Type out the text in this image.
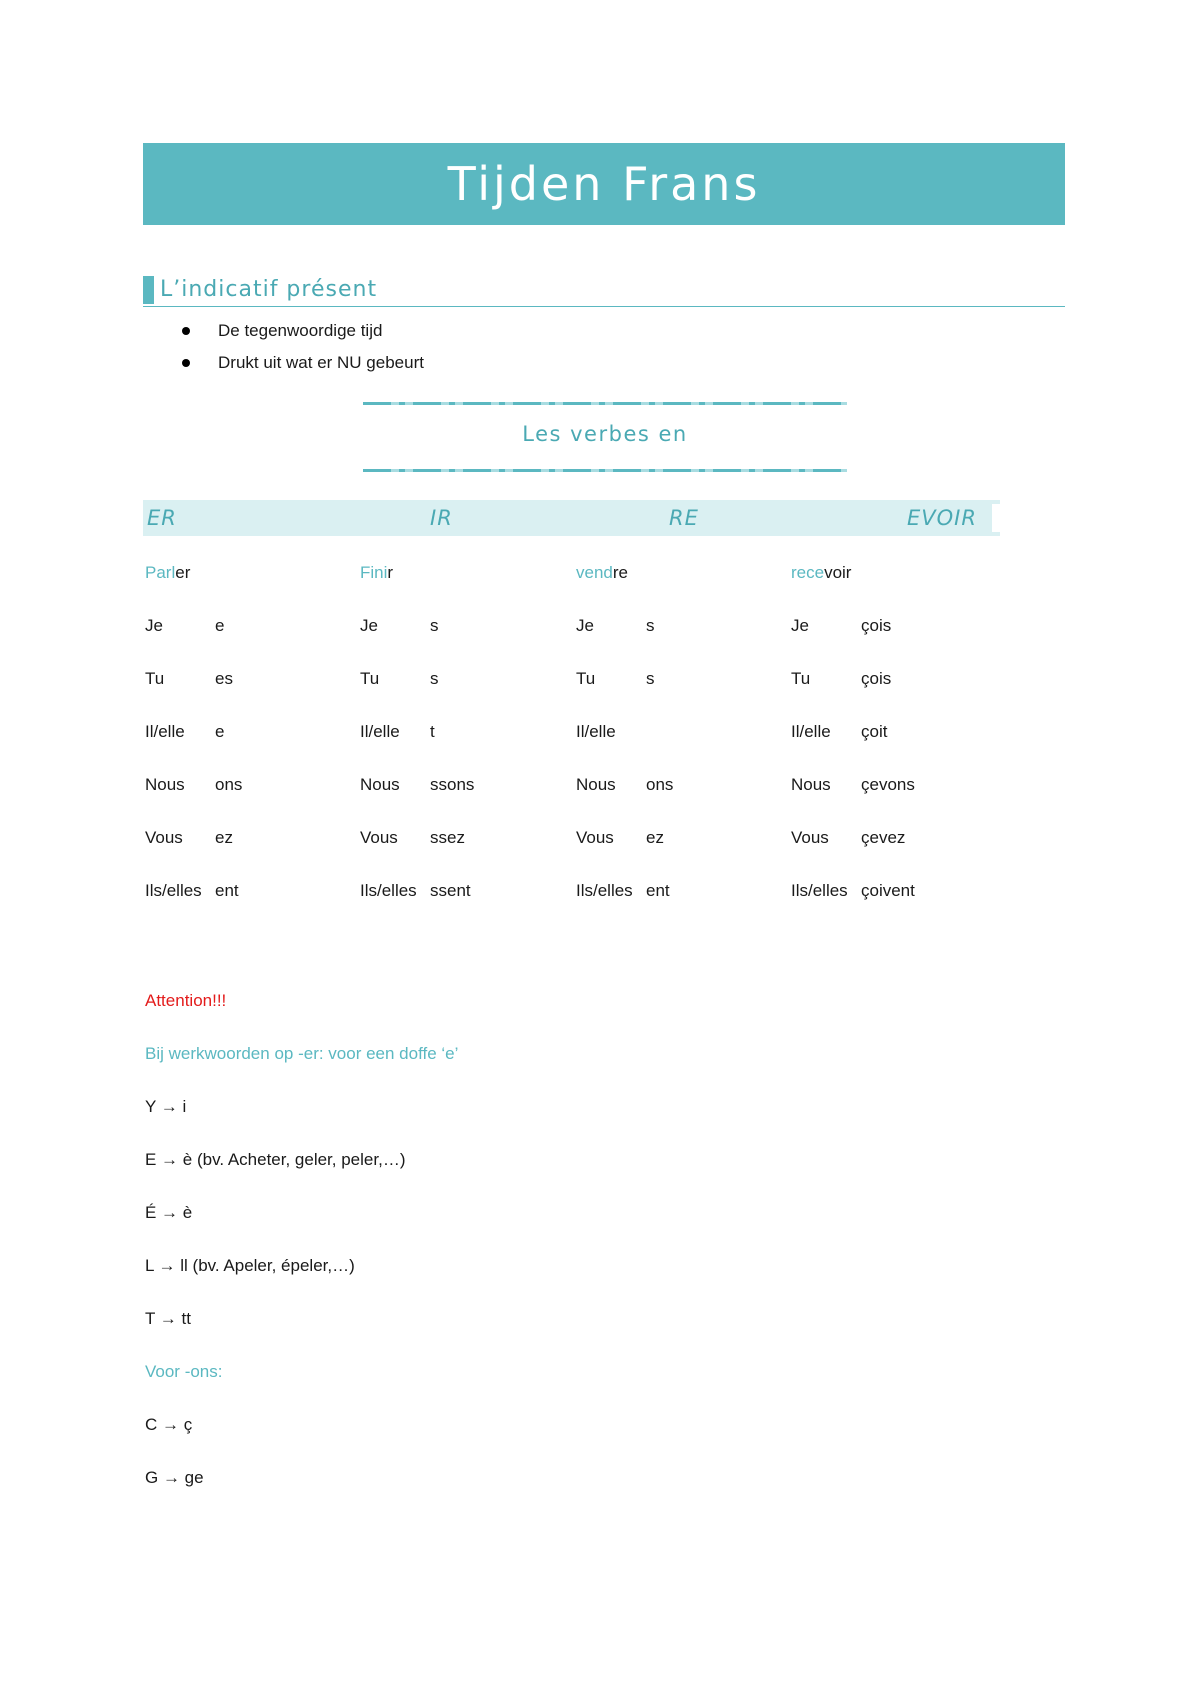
Tijden Frans
L’indicatif présent
De tegenwoordige tijd
Drukt uit wat er NU gebeurt
Les verbes en
ER	IR	RE	EVOIR
Parler
Je	e
Tu	es
Il/elle e
Nous ons
Vous ez
Ils/elles ent
Finir
Je	s
Tu	s
Il/elle t
Nous ssons
Vous ssez
Ils/elles ssent
vendre
Je	s
Tu	s
Il/elle
Nous ons
Vous ez
Ils/elles ent
recevoir
Je	çois
Tu	çois
Il/elle çoit
Nous çevons
Vous çevez
Ils/elles çoivent
Attention!!!
Bij werkwoorden op -er: voor een doffe ‘e’
Y → i
E → è (bv. Acheter, geler, peler,…)
É → è
L → ll (bv. Apeler, épeler,…)
T → tt
Voor -ons:
C → ç
G → ge
